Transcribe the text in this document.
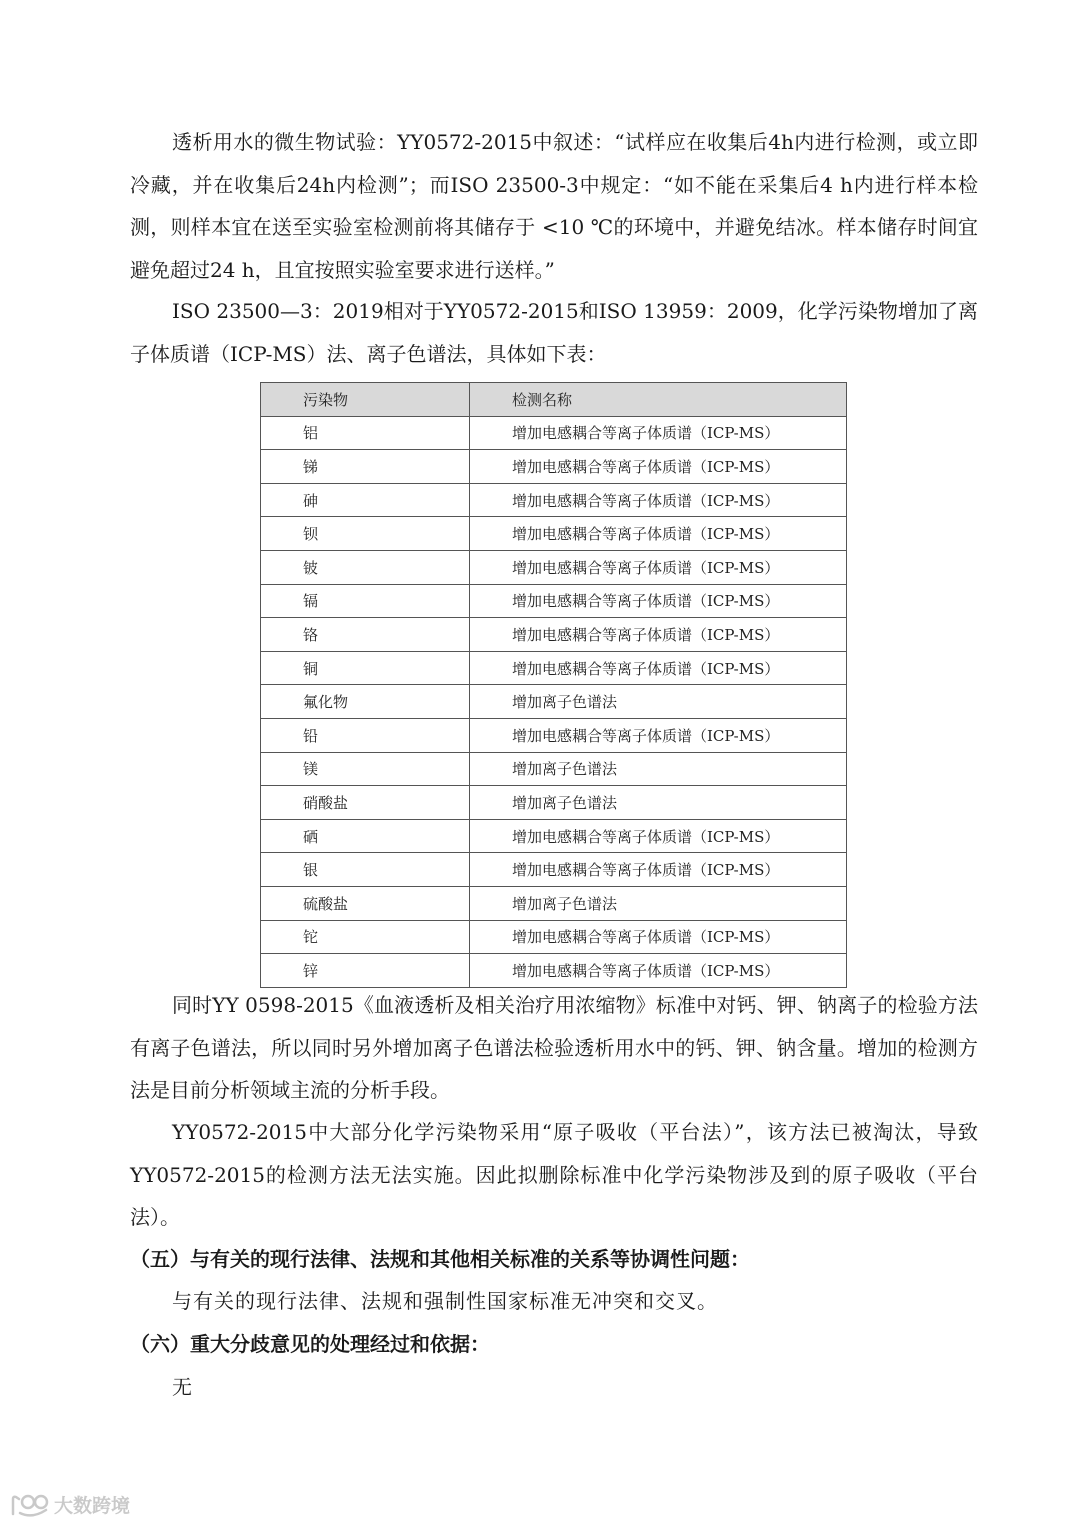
透析用水的微生物试验：YY0572-2015中叙述：“试样应在收集后4h内进行检测，或立即冷藏，并在收集后24h内检测”；而ISO 23500-3中规定：“如不能在采集后4 h内进行样本检测，则样本宜在送至实验室检测前将其储存于 <10 ℃的环境中，并避免结冰。样本储存时间宜避免超过24 h，且宜按照实验室要求进行送样。”

ISO 23500—3：2019相对于YY0572-2015和ISO 13959：2009，化学污染物增加了离子体质谱（ICP-MS）法、离子色谱法，具体如下表：

污染物	检测名称
铝	增加电感耦合等离子体质谱（ICP-MS）
锑	增加电感耦合等离子体质谱（ICP-MS）
砷	增加电感耦合等离子体质谱（ICP-MS）
钡	增加电感耦合等离子体质谱（ICP-MS）
铍	增加电感耦合等离子体质谱（ICP-MS）
镉	增加电感耦合等离子体质谱（ICP-MS）
铬	增加电感耦合等离子体质谱（ICP-MS）
铜	增加电感耦合等离子体质谱（ICP-MS）
氟化物	增加离子色谱法
铅	增加电感耦合等离子体质谱（ICP-MS）
镁	增加离子色谱法
硝酸盐	增加离子色谱法
硒	增加电感耦合等离子体质谱（ICP-MS）
银	增加电感耦合等离子体质谱（ICP-MS）
硫酸盐	增加离子色谱法
铊	增加电感耦合等离子体质谱（ICP-MS）
锌	增加电感耦合等离子体质谱（ICP-MS）

同时YY 0598-2015《血液透析及相关治疗用浓缩物》标准中对钙、钾、钠离子的检验方法有离子色谱法，所以同时另外增加离子色谱法检验透析用水中的钙、钾、钠含量。增加的检测方法是目前分析领域主流的分析手段。

YY0572-2015中大部分化学污染物采用“原子吸收（平台法）”，该方法已被淘汰，导致YY0572-2015的检测方法无法实施。因此拟删除标准中化学污染物涉及到的原子吸收（平台法）。

（五）与有关的现行法律、法规和其他相关标准的关系等协调性问题：

与有关的现行法律、法规和强制性国家标准无冲突和交叉。

（六）重大分歧意见的处理经过和依据：

无

大数跨境
